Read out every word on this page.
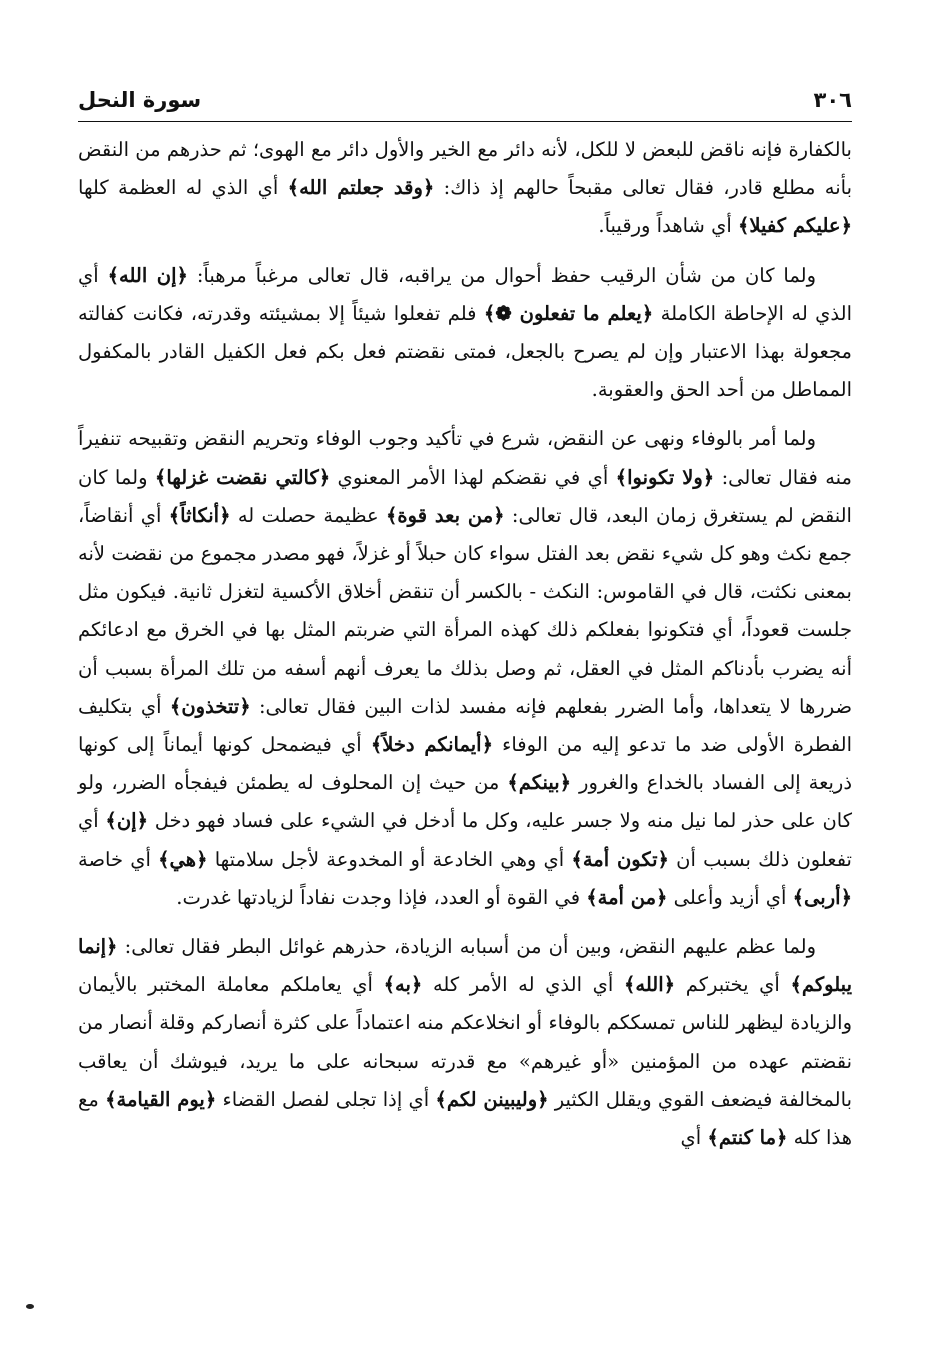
٣٠٦
سورة النحل

بالكفارة فإنه ناقض للبعض لا للكل، لأنه دائر مع الخير والأول دائر مع الهوى؛ ثم حذرهم من النقض بأنه مطلع قادر، فقال تعالى مقبحاً حالهم إذ ذاك: ﴿وقد جعلتم الله﴾ أي الذي له العظمة كلها ﴿عليكم كفيلا﴾ أي شاهداً ورقيباً.

ولما كان من شأن الرقيب حفظ أحوال من يراقبه، قال تعالى مرغباً مرهباً: ﴿إن الله﴾ أي الذي له الإحاطة الكاملة ﴿يعلم ما تفعلون ❁﴾ فلم تفعلوا شيئاً إلا بمشيئته وقدرته، فكانت كفالته مجعولة بهذا الاعتبار وإن لم يصرح بالجعل، فمتى نقضتم فعل بكم فعل الكفيل القادر بالمكفول المماطل من أحد الحق والعقوبة.

ولما أمر بالوفاء ونهى عن النقض، شرع في تأكيد وجوب الوفاء وتحريم النقض وتقبيحه تنفيراً منه فقال تعالى: ﴿ولا تكونوا﴾ أي في نقضكم لهذا الأمر المعنوي ﴿كالتي نقضت غزلها﴾ ولما كان النقض لم يستغرق زمان البعد، قال تعالى: ﴿من بعد قوة﴾ عظيمة حصلت له ﴿أنكاثاً﴾ أي أنقاضاً، جمع نكث وهو كل شيء نقض بعد الفتل سواء كان حبلاً أو غزلاً، فهو مصدر مجموع من نقضت لأنه بمعنى نكثت، قال في القاموس: النكث - بالكسر أن تنقض أخلاق الأكسية لتغزل ثانية. فيكون مثل جلست قعوداً، أي فتكونوا بفعلكم ذلك كهذه المرأة التي ضربتم المثل بها في الخرق مع ادعائكم أنه يضرب بأدناكم المثل في العقل، ثم وصل بذلك ما يعرف أنهم أسفه من تلك المرأة بسبب أن ضررها لا يتعداها، وأما الضرر بفعلهم فإنه مفسد لذات البين فقال تعالى: ﴿تتخذون﴾ أي بتكليف الفطرة الأولى ضد ما تدعو إليه من الوفاء ﴿أيمانكم دخلاً﴾ أي فيضمحل كونها أيماناً إلى كونها ذريعة إلى الفساد بالخداع والغرور ﴿بينكم﴾ من حيث إن المحلوف له يطمئن فيفجأه الضرر، ولو كان على حذر لما نيل منه ولا جسر عليه، وكل ما أدخل في الشيء على فساد فهو دخل ﴿إن﴾ أي تفعلون ذلك بسبب أن ﴿تكون أمة﴾ أي وهي الخادعة أو المخدوعة لأجل سلامتها ﴿هي﴾ أي خاصة ﴿أربى﴾ أي أزيد وأعلى ﴿من أمة﴾ في القوة أو العدد، فإذا وجدت نفاداً لزيادتها غدرت.

ولما عظم عليهم النقض، وبين أن من أسبابه الزيادة، حذرهم غوائل البطر فقال تعالى: ﴿إنما يبلوكم﴾ أي يختبركم ﴿الله﴾ أي الذي له الأمر كله ﴿به﴾ أي يعاملكم معاملة المختبر بالأيمان والزيادة ليظهر للناس تمسككم بالوفاء أو انخلاعكم منه اعتماداً على كثرة أنصاركم وقلة أنصار من نقضتم عهده من المؤمنين «أو غيرهم» مع قدرته سبحانه على ما يريد، فيوشك أن يعاقب بالمخالفة فيضعف القوي ويقلل الكثير ﴿وليبينن لكم﴾ أي إذا تجلى لفصل القضاء ﴿يوم القيامة﴾ مع هذا كله ﴿ما كنتم﴾ أي
